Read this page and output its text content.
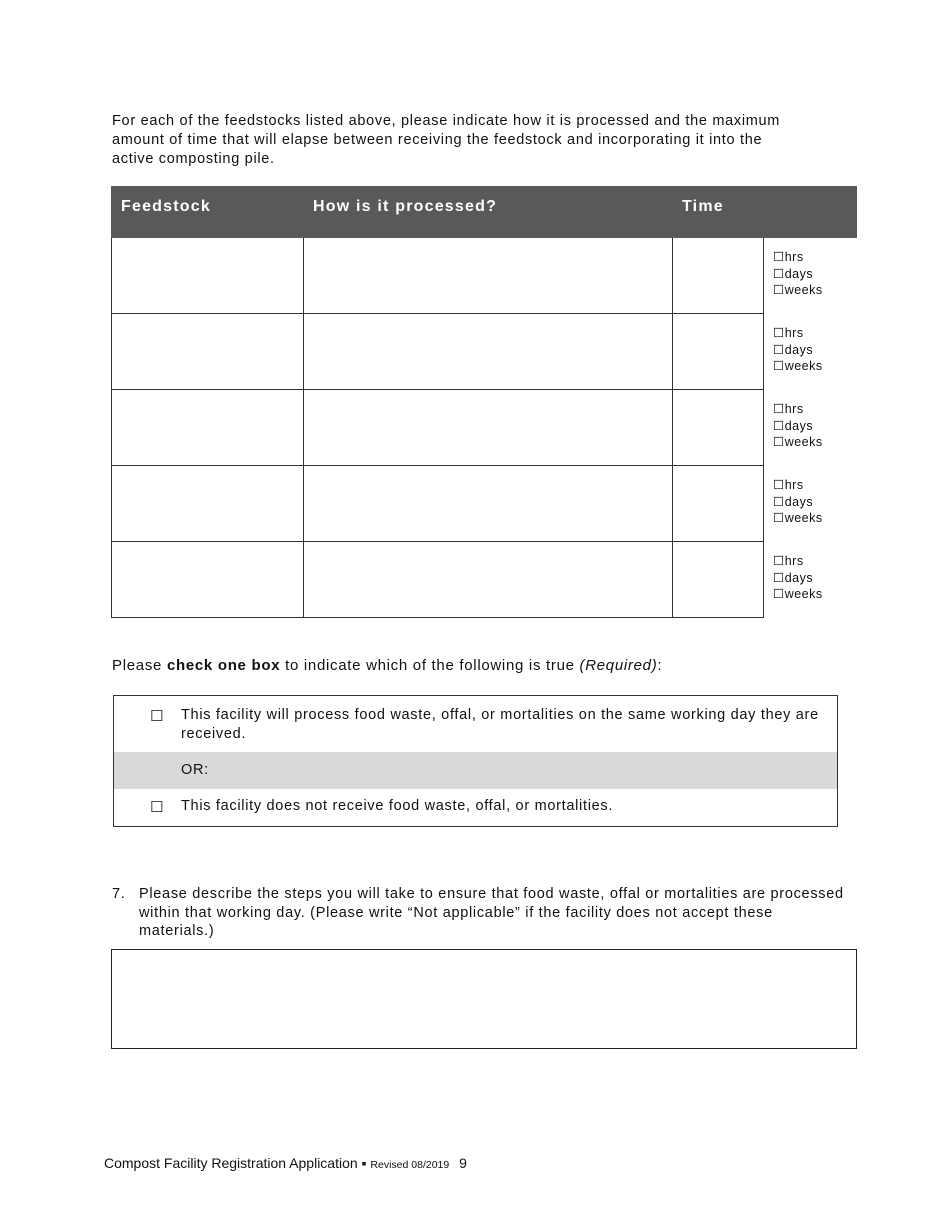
For each of the feedstocks listed above, please indicate how it is processed and the maximum amount of time that will elapse between receiving the feedstock and incorporating it into the active composting pile.
Feedstock	How is it processed?	Time
☐hrs
☐days
☐weeks
☐hrs
☐days
☐weeks
☐hrs
☐days
☐weeks
☐hrs
☐days
☐weeks
☐hrs
☐days
☐weeks
Please check one box to indicate which of the following is true (Required):
☐ This facility will process food waste, offal, or mortalities on the same working day they are received.
OR:
☐ This facility does not receive food waste, offal, or mortalities.
7. Please describe the steps you will take to ensure that food waste, offal or mortalities are processed within that working day. (Please write “Not applicable” if the facility does not accept these materials.)
Compost Facility Registration Application ▪ Revised 08/2019 9
